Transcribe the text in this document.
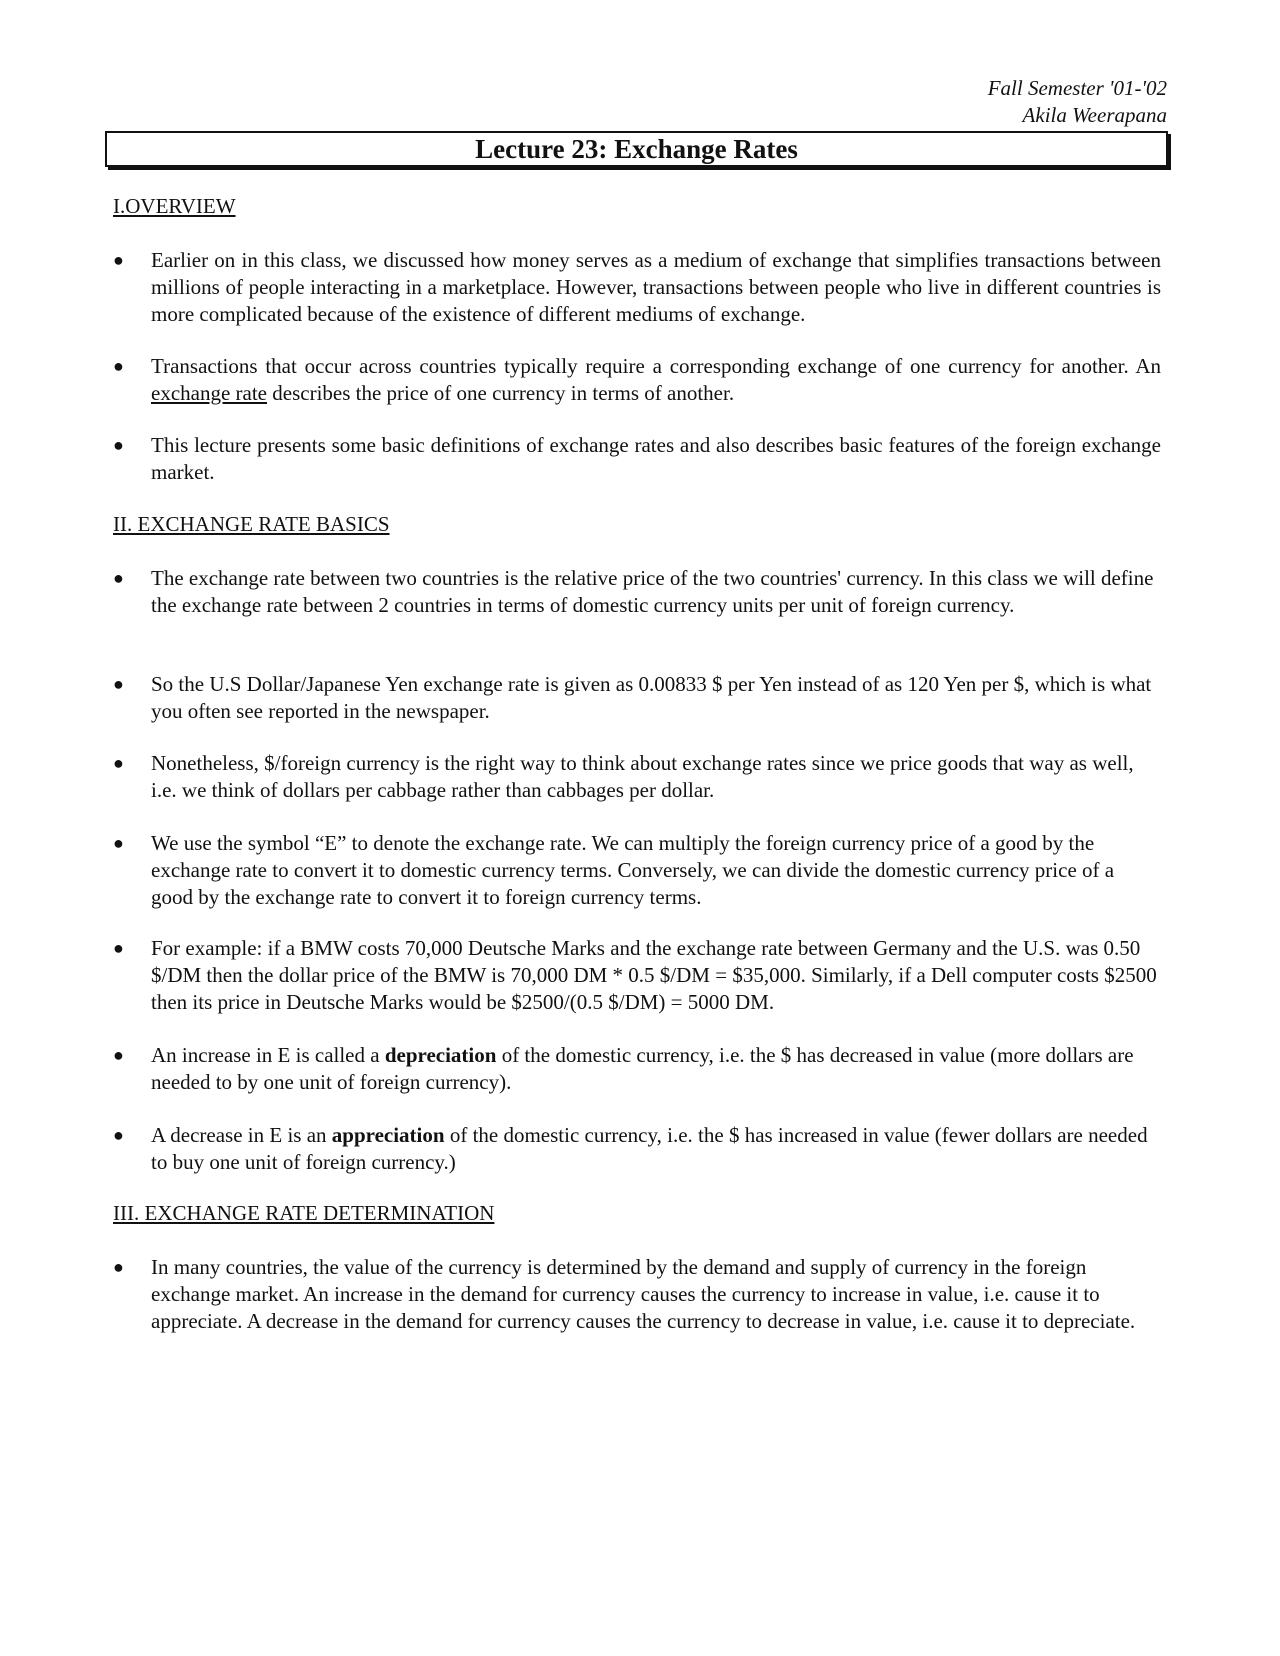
Fall Semester '01-'02
Akila Weerapana
Lecture 23: Exchange Rates
I.OVERVIEW
●	Earlier on in this class, we discussed how money serves as a medium of exchange that simplifies transactions between millions of people interacting in a marketplace. However, transactions between people who live in different countries is more complicated because of the existence of different mediums of exchange.
●	Transactions that occur across countries typically require a corresponding exchange of one currency for another. An exchange rate describes the price of one currency in terms of another.
●	This lecture presents some basic definitions of exchange rates and also describes basic features of the foreign exchange market.
II. EXCHANGE RATE BASICS
●	The exchange rate between two countries is the relative price of the two countries' currency. In this class we will define the exchange rate between 2 countries in terms of domestic currency units per unit of foreign currency.
●	So the U.S Dollar/Japanese Yen exchange rate is given as 0.00833 $ per Yen instead of as 120 Yen per $, which is what you often see reported in the newspaper.
●	Nonetheless, $/foreign currency is the right way to think about exchange rates since we price goods that way as well, i.e. we think of dollars per cabbage rather than cabbages per dollar.
●	We use the symbol “E” to denote the exchange rate. We can multiply the foreign currency price of a good by the exchange rate to convert it to domestic currency terms. Conversely, we can divide the domestic currency price of a good by the exchange rate to convert it to foreign currency terms.
●	For example: if a BMW costs 70,000 Deutsche Marks and the exchange rate between Germany and the U.S. was 0.50 $/DM then the dollar price of the BMW is 70,000 DM * 0.5 $/DM = $35,000. Similarly, if a Dell computer costs $2500 then its price in Deutsche Marks would be $2500/(0.5 $/DM) = 5000 DM.
●	An increase in E is called a depreciation of the domestic currency, i.e. the $ has decreased in value (more dollars are needed to by one unit of foreign currency).
●	A decrease in E is an appreciation of the domestic currency, i.e. the $ has increased in value (fewer dollars are needed to buy one unit of foreign currency.)
III. EXCHANGE RATE DETERMINATION
●	In many countries, the value of the currency is determined by the demand and supply of currency in the foreign exchange market. An increase in the demand for currency causes the currency to increase in value, i.e. cause it to appreciate. A decrease in the demand for currency causes the currency to decrease in value, i.e. cause it to depreciate.
